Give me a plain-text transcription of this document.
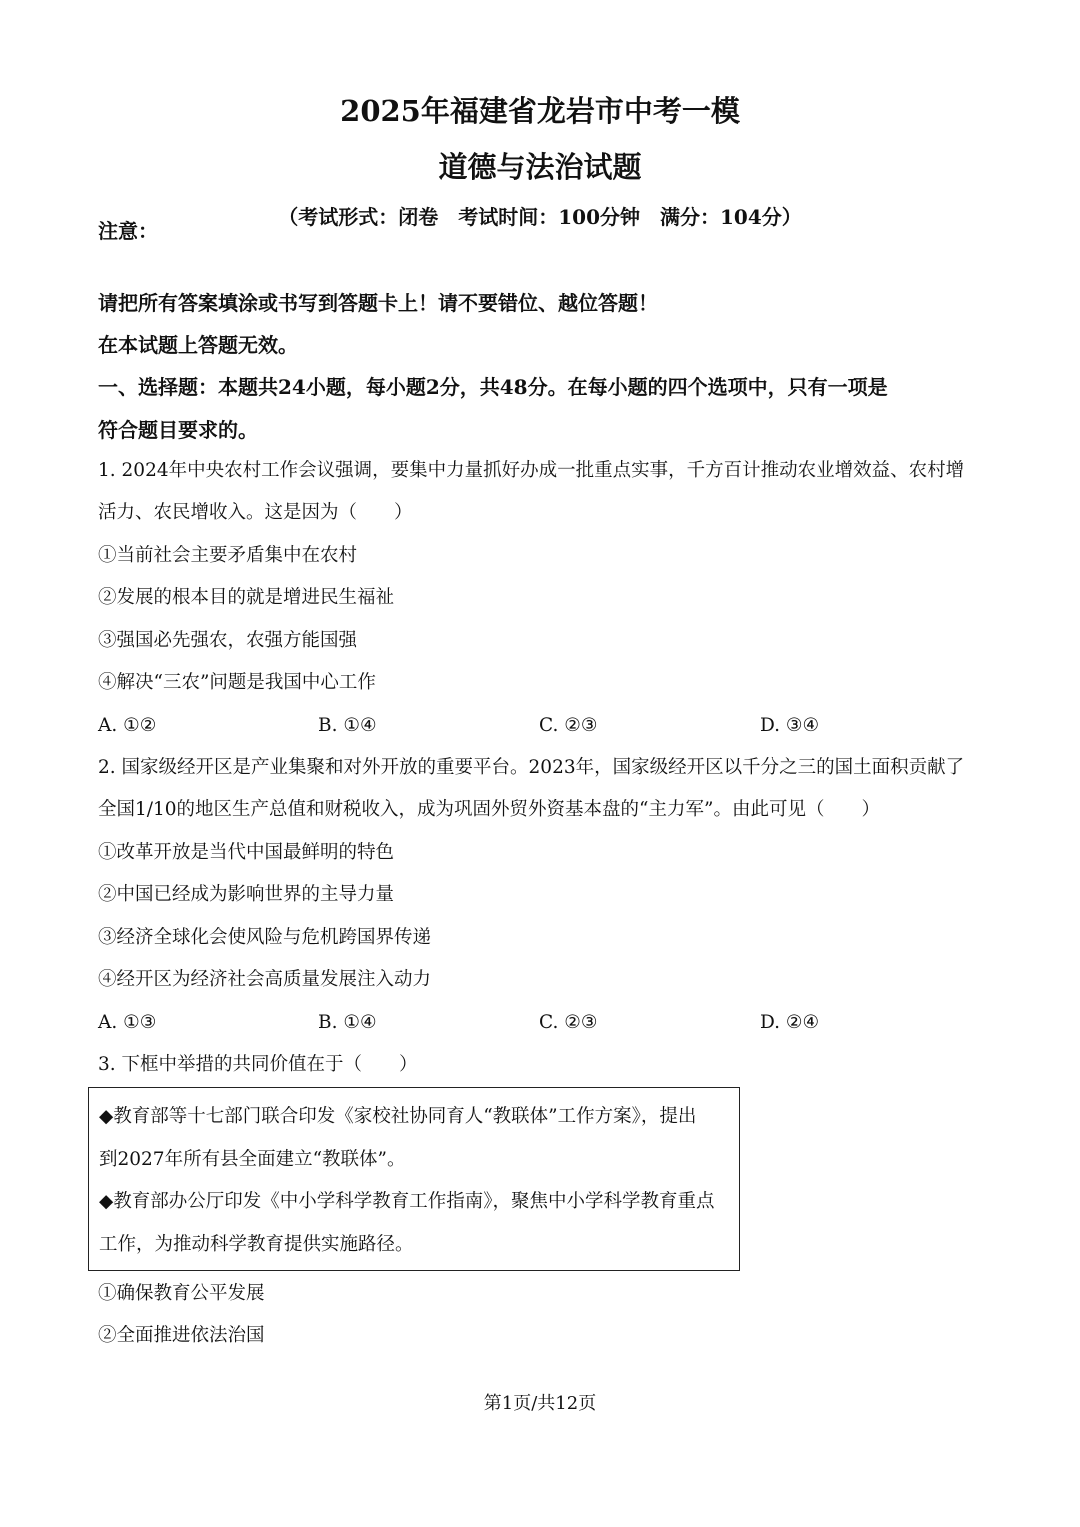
2025年福建省龙岩市中考一模
道德与法治试题
（考试形式：闭卷　考试时间：100分钟　满分：104分）
注意：
请把所有答案填涂或书写到答题卡上！请不要错位、越位答题！
在本试题上答题无效。
一、选择题：本题共24小题，每小题2分，共48分。在每小题的四个选项中，只有一项是
符合题目要求的。
1. 2024年中央农村工作会议强调，要集中力量抓好办成一批重点实事，千方百计推动农业增效益、农村增
活力、农民增收入。这是因为（　　）
①当前社会主要矛盾集中在农村
②发展的根本目的就是增进民生福祉
③强国必先强农，农强方能国强
④解决“三农”问题是我国中心工作
A. ①②	B. ①④	C. ②③	D. ③④
2. 国家级经开区是产业集聚和对外开放的重要平台。2023年，国家级经开区以千分之三的国土面积贡献了
全国1/10的地区生产总值和财税收入，成为巩固外贸外资基本盘的“主力军”。由此可见（　　）
①改革开放是当代中国最鲜明的特色
②中国已经成为影响世界的主导力量
③经济全球化会使风险与危机跨国界传递
④经开区为经济社会高质量发展注入动力
A. ①③	B. ①④	C. ②③	D. ②④
3. 下框中举措的共同价值在于（　　）
◆教育部等十七部门联合印发《家校社协同育人“教联体”工作方案》，提出
到2027年所有县全面建立“教联体”。
◆教育部办公厅印发《中小学科学教育工作指南》，聚焦中小学科学教育重点
工作，为推动科学教育提供实施路径。
①确保教育公平发展
②全面推进依法治国
第1页/共12页
